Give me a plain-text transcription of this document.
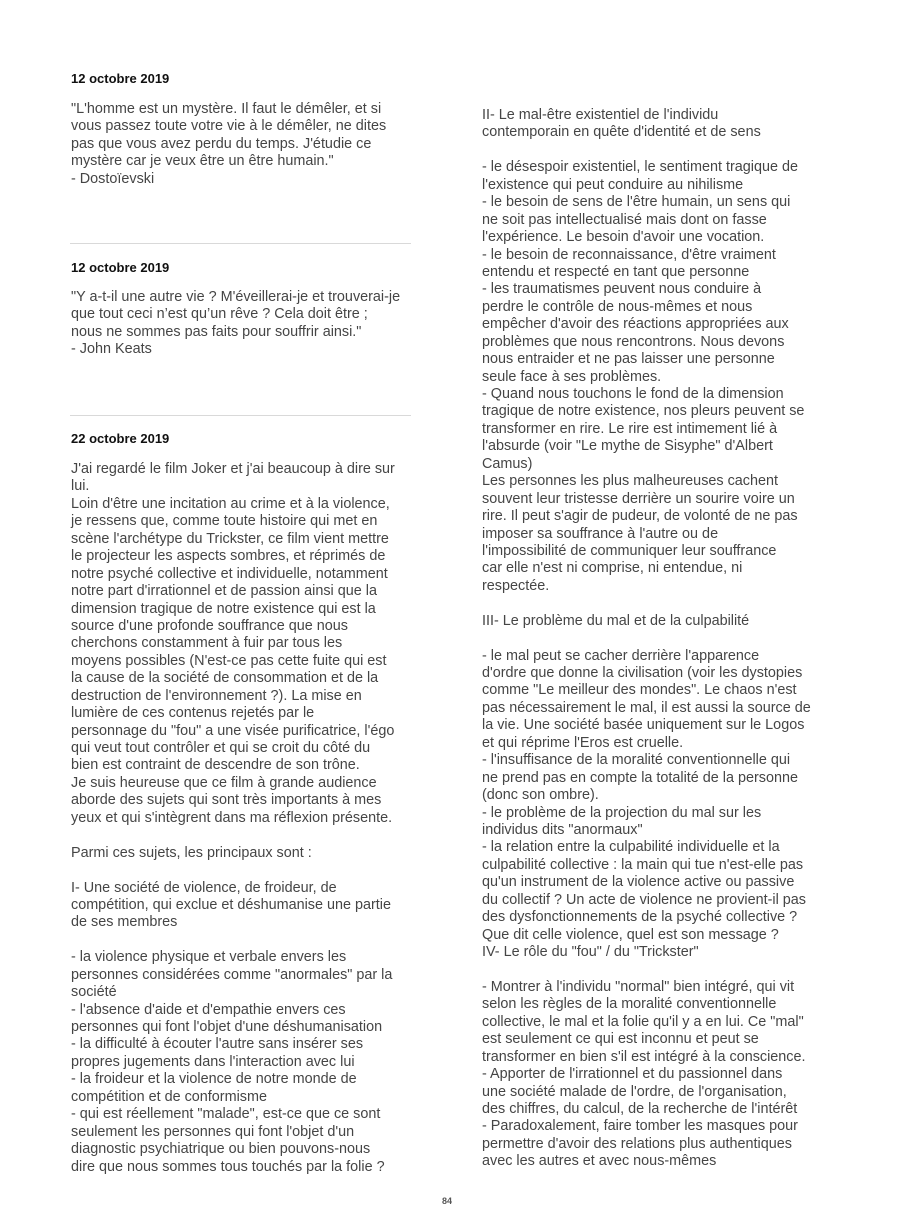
12 octobre 2019
"L'homme est un mystère. Il faut le démêler, et si
vous passez toute votre vie à le démêler, ne dites
pas que vous avez perdu du temps. J'étudie ce
mystère car je veux être un être humain."
- Dostoïevski
12 octobre 2019
"Y a-t-il une autre vie ? M'éveillerai-je et trouverai-je
que tout ceci n’est qu’un rêve ? Cela doit être ;
nous ne sommes pas faits pour souffrir ainsi."
- John Keats
22 octobre 2019
J'ai regardé le film Joker et j'ai beaucoup à dire sur
lui.
Loin d'être une incitation au crime et à la violence,
je ressens que, comme toute histoire qui met en
scène l'archétype du Trickster, ce film vient mettre
le projecteur les aspects sombres, et réprimés de
notre psyché collective et individuelle, notamment
notre part d'irrationnel et de passion ainsi que la
dimension tragique de notre existence qui est la
source d'une profonde souffrance que nous
cherchons constamment à fuir par tous les
moyens possibles (N'est-ce pas cette fuite qui est
la cause de la société de consommation et de la
destruction de l'environnement ?). La mise en
lumière de ces contenus rejetés par le
personnage du "fou" a une visée purificatrice, l'égo
qui veut tout contrôler et qui se croit du côté du
bien est contraint de descendre de son trône.
Je suis heureuse que ce film à grande audience
aborde des sujets qui sont très importants à mes
yeux et qui s'intègrent dans ma réflexion présente.
Parmi ces sujets, les principaux sont :
I- Une société de violence, de froideur, de
compétition, qui exclue et déshumanise une partie
de ses membres
- la violence physique et verbale envers les
personnes considérées comme "anormales" par la
société
- l'absence d'aide et d'empathie envers ces
personnes qui font l'objet d'une déshumanisation
- la difficulté à écouter l'autre sans insérer ses
propres jugements dans l'interaction avec lui
- la froideur et la violence de notre monde de
compétition et de conformisme
- qui est réellement "malade", est-ce que ce sont
seulement les personnes qui font l'objet d'un
diagnostic psychiatrique ou bien pouvons-nous
dire que nous sommes tous touchés par la folie ?
II- Le mal-être existentiel de l'individu
contemporain en quête d'identité et de sens
- le désespoir existentiel, le sentiment tragique de
l'existence qui peut conduire au nihilisme
- le besoin de sens de l'être humain, un sens qui
ne soit pas intellectualisé mais dont on fasse
l'expérience. Le besoin d'avoir une vocation.
- le besoin de reconnaissance, d'être vraiment
entendu et respecté en tant que personne
- les traumatismes peuvent nous conduire à
perdre le contrôle de nous-mêmes et nous
empêcher d'avoir des réactions appropriées aux
problèmes que nous rencontrons. Nous devons
nous entraider et ne pas laisser une personne
seule face à ses problèmes.
- Quand nous touchons le fond de la dimension
tragique de notre existence, nos pleurs peuvent se
transformer en rire. Le rire est intimement lié à
l'absurde (voir "Le mythe de Sisyphe" d'Albert
Camus)
Les personnes les plus malheureuses cachent
souvent leur tristesse derrière un sourire voire un
rire. Il peut s'agir de pudeur, de volonté de ne pas
imposer sa souffrance à l'autre ou de
l'impossibilité de communiquer leur souffrance
car elle n'est ni comprise, ni entendue, ni
respectée.
III- Le problème du mal et de la culpabilité
- le mal peut se cacher derrière l'apparence
d'ordre que donne la civilisation (voir les dystopies
comme "Le meilleur des mondes". Le chaos n'est
pas nécessairement le mal, il est aussi la source de
la vie. Une société basée uniquement sur le Logos
et qui réprime l'Eros est cruelle.
- l'insuffisance de la moralité conventionnelle qui
ne prend pas en compte la totalité de la personne
(donc son ombre).
- le problème de la projection du mal sur les
individus dits "anormaux"
- la relation entre la culpabilité individuelle et la
culpabilité collective : la main qui tue n'est-elle pas
qu'un instrument de la violence active ou passive
du collectif ? Un acte de violence ne provient-il pas
des dysfonctionnements de la psyché collective ?
Que dit celle violence, quel est son message ?
IV- Le rôle du "fou" / du "Trickster"
- Montrer à l'individu "normal" bien intégré, qui vit
selon les règles de la moralité conventionnelle
collective, le mal et la folie qu'il y a en lui. Ce "mal"
est seulement ce qui est inconnu et peut se
transformer en bien s'il est intégré à la conscience.
- Apporter de l'irrationnel et du passionnel dans
une société malade de l'ordre, de l'organisation,
des chiffres, du calcul, de la recherche de l'intérêt
- Paradoxalement, faire tomber les masques pour
permettre d'avoir des relations plus authentiques
avec les autres et avec nous-mêmes
84
